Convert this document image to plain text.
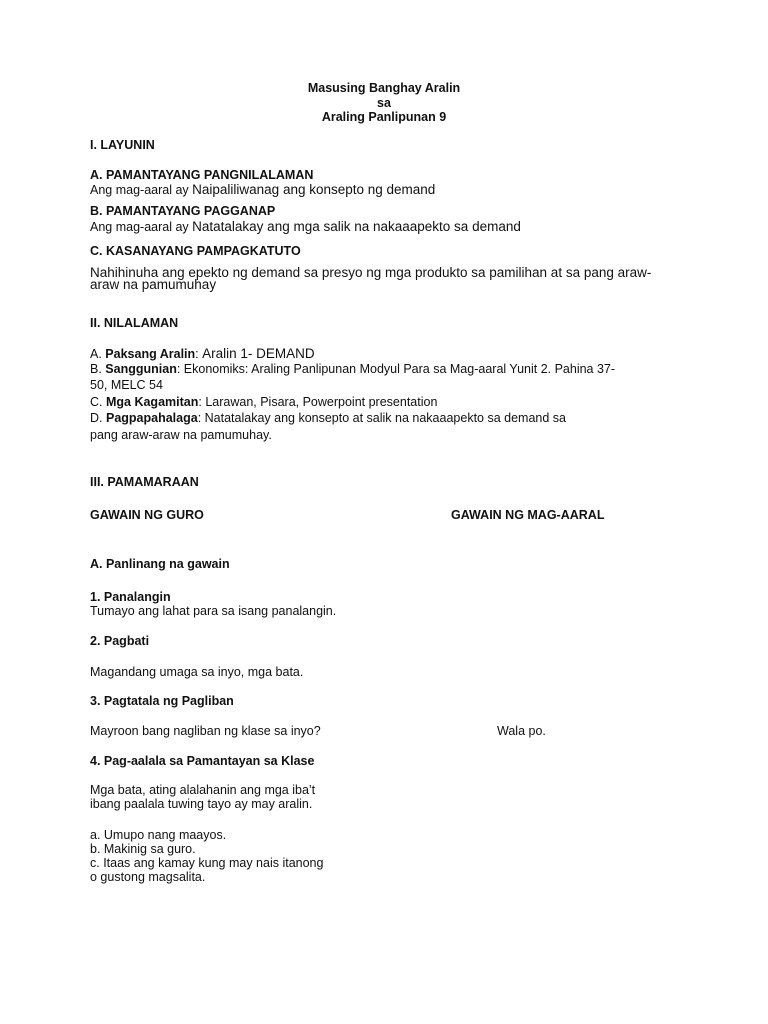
Masusing Banghay Aralin
sa
Araling Panlipunan 9
I. LAYUNIN
A. PAMANTAYANG PANGNILALAMAN
Ang mag-aaral ay Naipaliliwanag ang konsepto ng demand
B. PAMANTAYANG PAGGANAP
Ang mag-aaral ay Natatalakay ang mga salik na nakaaapekto sa demand
C. KASANAYANG PAMPAGKATUTO
Nahihinuha ang epekto ng demand sa presyo ng mga produkto sa pamilihan at sa pang araw-
araw na pamumuhay
II. NILALAMAN
A. Paksang Aralin: Aralin 1- DEMAND
B. Sanggunian: Ekonomiks: Araling Panlipunan Modyul Para sa Mag-aaral Yunit 2. Pahina 37-
50, MELC 54
C. Mga Kagamitan: Larawan, Pisara, Powerpoint presentation
D. Pagpapahalaga: Natatalakay ang konsepto at salik na nakaaapekto sa demand sa
pang araw-araw na pamumuhay.
III. PAMAMARAAN
GAWAIN NG GURO	GAWAIN NG MAG-AARAL
A. Panlinang na gawain
1. Panalangin
Tumayo ang lahat para sa isang panalangin.
2. Pagbati
Magandang umaga sa inyo, mga bata.
3. Pagtatala ng Pagliban
Mayroon bang nagliban ng klase sa inyo?	Wala po.
4. Pag-aalala sa Pamantayan sa Klase
Mga bata, ating alalahanin ang mga iba’t
ibang paalala tuwing tayo ay may aralin.
a. Umupo nang maayos.
b. Makinig sa guro.
c. Itaas ang kamay kung may nais itanong
o gustong magsalita.
